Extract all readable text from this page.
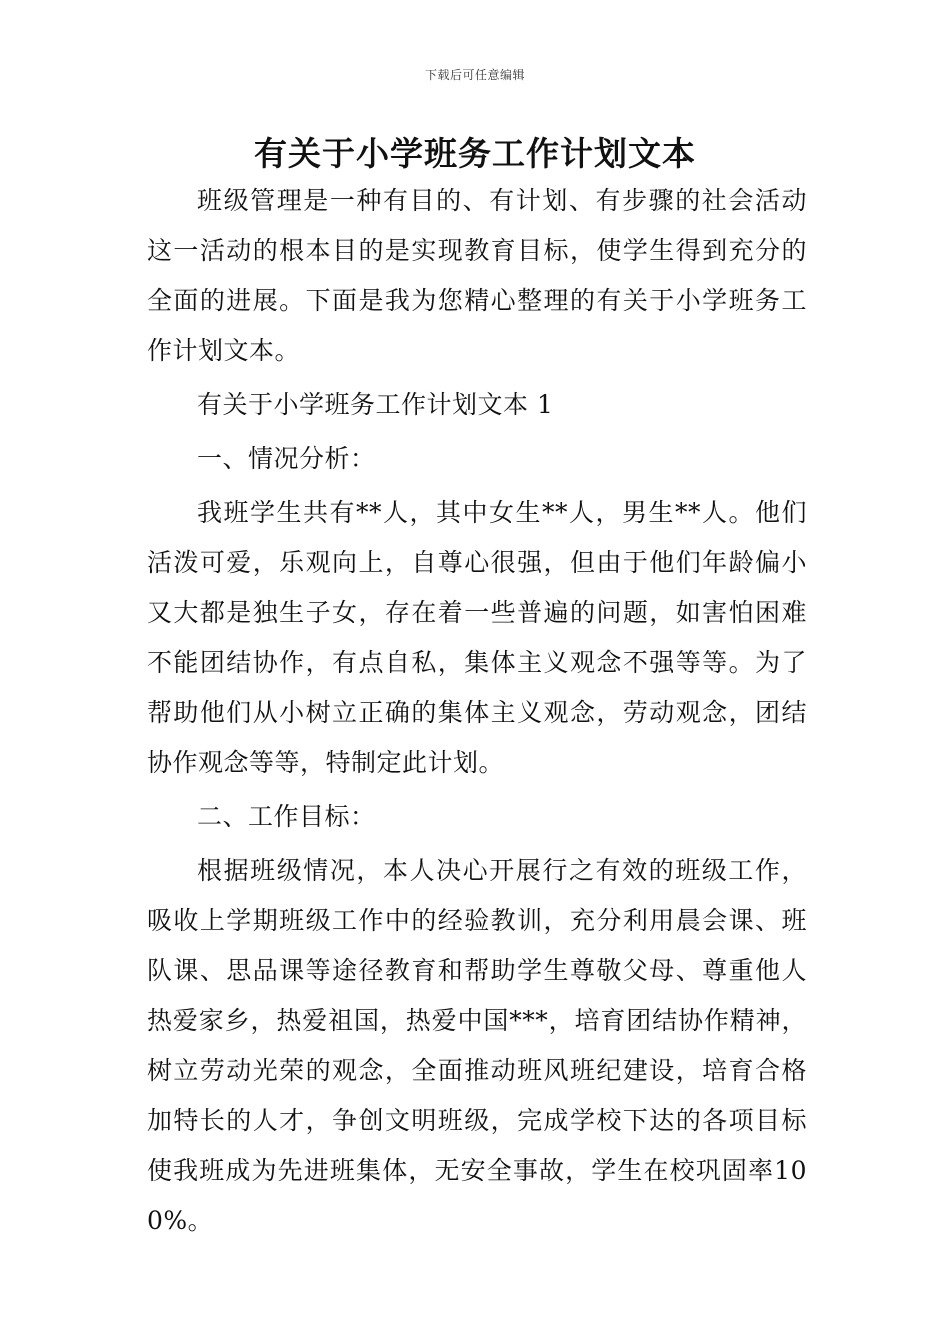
下载后可任意编辑
有关于小学班务工作计划文本

班级管理是一种有目的、有计划、有步骤的社会活动这一活动的根本目的是实现教育目标，使学生得到充分的全面的进展。下面是我为您精心整理的有关于小学班务工作计划文本。

有关于小学班务工作计划文本 1

一、情况分析：

我班学生共有**人，其中女生**人，男生**人。他们活泼可爱，乐观向上，自尊心很强，但由于他们年龄偏小又大都是独生子女，存在着一些普遍的问题，如害怕困难不能团结协作，有点自私，集体主义观念不强等等。为了帮助他们从小树立正确的集体主义观念，劳动观念，团结协作观念等等，特制定此计划。

二、工作目标：

根据班级情况，本人决心开展行之有效的班级工作，吸收上学期班级工作中的经验教训，充分利用晨会课、班队课、思品课等途径教育和帮助学生尊敬父母、尊重他人热爱家乡，热爱祖国，热爱中国***，培育团结协作精神，树立劳动光荣的观念，全面推动班风班纪建设，培育合格加特长的人才，争创文明班级，完成学校下达的各项目标使我班成为先进班集体，无安全事故，学生在校巩固率100%。
